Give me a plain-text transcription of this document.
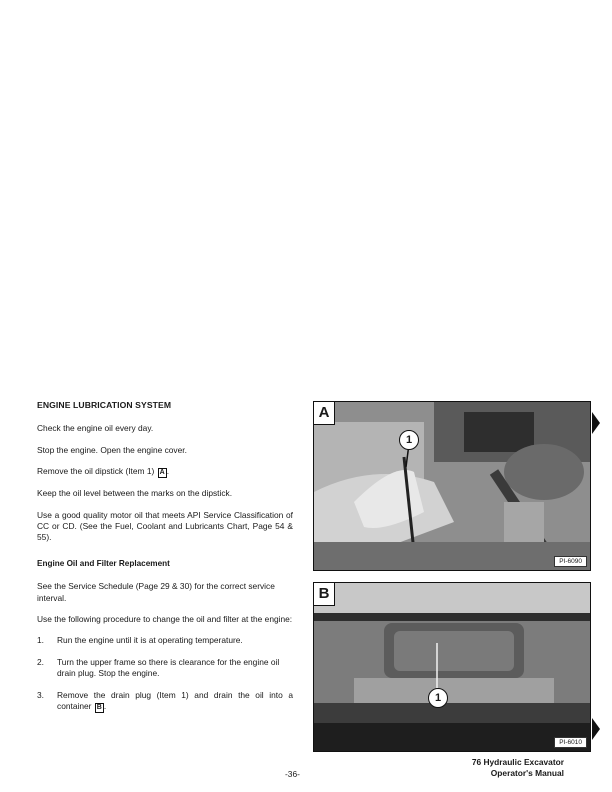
ENGINE LUBRICATION SYSTEM
Check the engine oil every day.
Stop the engine. Open the engine cover.
Remove the oil dipstick (Item 1) A .
Keep the oil level between the marks on the dipstick.
Use a good quality motor oil that meets API Service Classification of CC or CD. (See the Fuel, Coolant and Lubricants Chart, Page 54 & 55).
Engine Oil and Filter Replacement
See the Service Schedule (Page 29 & 30) for the correct service interval.
Use the following procedure to change the oil and filter at the engine:
1. Run the engine until it is at operating temperature.
2. Turn the upper frame so there is clearance for the engine oil drain plug. Stop the engine.
3. Remove the drain plug (Item 1) and drain the oil into a container B .
A
1
PI-6090
B
1
PI-6010
-36-
76 Hydraulic Excavator
Operator's Manual
